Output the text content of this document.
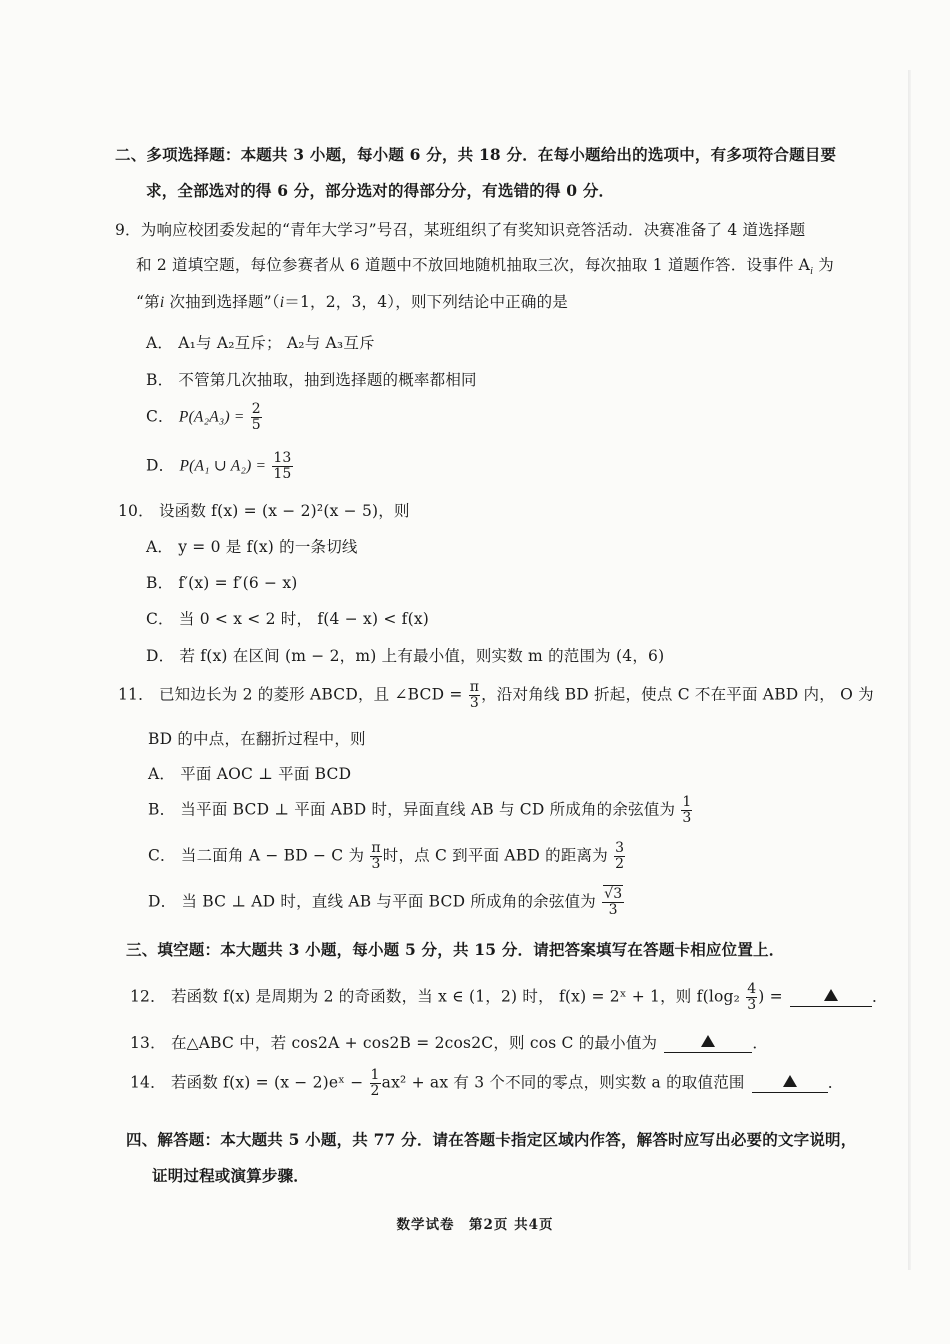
二、多项选择题：本题共 3 小题，每小题 6 分，共 18 分．在每小题给出的选项中，有多项符合题目要
求，全部选对的得 6 分，部分选对的得部分分，有选错的得 0 分．
9．为响应校团委发起的“青年大学习”号召，某班组织了有奖知识竞答活动．决赛准备了 4 道选择题
和 2 道填空题，每位参赛者从 6 道题中不放回地随机抽取三次，每次抽取 1 道题作答．设事件 $A_i$ 为
“第i 次抽到选择题”（i＝1，2，3，4），则下列结论中正确的是
A． A₁与 A₂互斥； A₂与 A₃互斥
B． 不管第几次抽取，抽到选择题的概率都相同
C． $P(A_2A_3) = \frac{2}{5}$
D． P(A₁ ∪ $A_2) = \frac{13}{15}$
10． 设函数 f(x) = (x − 2)²(x − 5)，则
A． y = 0 是 f(x) 的一条切线
B． f′(x) = f′(6 − x)
C． 当 0 < x < 2 时， f(4 − x) < f(x)
D． 若 f(x) 在区间 (m − 2，m) 上有最小值，则实数 m 的范围为 (4，6)
11． 已知边长为 2 的菱形 ABCD，且 ∠BCD = $\frac{\pi}{3}$ ，沿对角线 BD 折起，使点 C 不在平面 ABD 内， O 为
BD 的中点，在翻折过程中，则
A． 平面 AOC ⊥ 平面 BCD
B． 当平面 BCD ⊥ 平面 ABD 时，异面直线 AB 与 CD 所成角的余弦值为 $\frac{1}{3}$
C． 当二面角 A − BD − C 为 $\frac{\pi}{3}$ 时，点 C 到平面 ABD 的距离为 $\frac{3}{2}$
D． 当 BC ⊥ AD 时，直线 AB 与平面 BCD 所成角的余弦值为 $\frac{√3}{3}$
三、填空题：本大题共 3 小题，每小题 5 分，共 15 分．请把答案填写在答题卡相应位置上．
12． 若函数 f(x) 是周期为 2 的奇函数，当 x ∈ (1，2) 时， f(x) = 2ˣ + 1，则 $f(\log_2 \frac{4}{3}$ ) =	．
13． 在△ABC 中，若 cos2A + cos2B = 2cos2C，则 cos C 的最小值为	．
14． 若函数 f(x) = (x − 2)eˣ − $\frac{1}{2} ax^2$ + ax 有 3 个不同的零点，则实数 a 的取值范围	．
四、解答题：本大题共 5 小题，共 77 分．请在答题卡指定区域内作答，解答时应写出必要的文字说明，
证明过程或演算步骤．
数学试卷　第2页 共4页
